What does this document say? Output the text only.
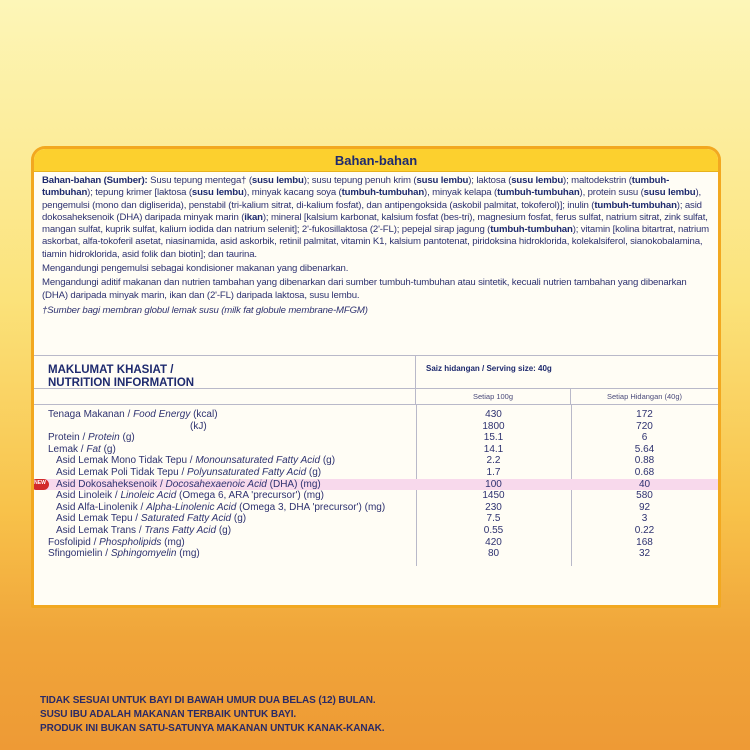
Bahan-bahan

Bahan-bahan (Sumber): Susu tepung mentega† (susu lembu); susu tepung penuh krim (susu lembu); laktosa (susu lembu); maltodekstrin (tumbuh-tumbuhan); tepung krimer [laktosa (susu lembu), minyak kacang soya (tumbuh-tumbuhan), minyak kelapa (tumbuh-tumbuhan), protein susu (susu lembu), pengemulsi (mono dan digliserida), penstabil (tri-kalium sitrat, di-kalium fosfat), dan antipengoksida (askobil palmitat, tokoferol)]; inulin (tumbuh-tumbuhan); asid dokosaheksenoik (DHA) daripada minyak marin (ikan); mineral [kalsium karbonat, kalsium fosfat (bes-tri), magnesium fosfat, ferus sulfat, natrium sitrat, zink sulfat, mangan sulfat, kuprik sulfat, kalium iodida dan natrium selenit]; 2'-fukosillaktosa (2'-FL); pepejal sirap jagung (tumbuh-tumbuhan); vitamin [kolina bitartrat, natrium askorbat, alfa-tokoferil asetat, niasinamida, asid askorbik, retinil palmitat, vitamin K1, kalsium pantotenat, piridoksina hidroklorida, kolekalsiferol, sianokobalamina, tiamin hidroklorida, asid folik dan biotin]; dan taurina.

Mengandungi pengemulsi sebagai kondisioner makanan yang dibenarkan.

Mengandungi aditif makanan dan nutrien tambahan yang dibenarkan dari sumber tumbuh-tumbuhan atau sintetik, kecuali nutrien tambahan yang dibenarkan (DHA) daripada minyak marin, ikan dan (2'-FL) daripada laktosa, susu lembu.

†Sumber bagi membran globul lemak susu (milk fat globule membrane-MFGM)

MAKLUMAT KHASIAT /
NUTRITION INFORMATION
Saiz hidangan / Serving size: 40g
Setiap 100g	Setiap Hidangan (40g)
Tenaga Makanan / Food Energy (kcal)	430	172
(kJ)	1800	720
Protein / Protein (g)	15.1	6
Lemak / Fat (g)	14.1	5.64
Asid Lemak Mono Tidak Tepu / Monounsaturated Fatty Acid (g)	2.2	0.88
Asid Lemak Poli Tidak Tepu / Polyunsaturated Fatty Acid (g)	1.7	0.68
NEW	Asid Dokosaheksenoik / Docosahexaenoic Acid (DHA) (mg)	100	40
Asid Linoleik / Linoleic Acid (Omega 6, ARA 'precursor') (mg)	1450	580
Asid Alfa-Linolenik / Alpha-Linolenic Acid (Omega 3, DHA 'precursor') (mg)	230	92
Asid Lemak Tepu / Saturated Fatty Acid (g)	7.5	3
Asid Lemak Trans / Trans Fatty Acid (g)	0.55	0.22
Fosfolipid / Phospholipids (mg)	420	168
Sfingomielin / Sphingomyelin (mg)	80	32
TIDAK SESUAI UNTUK BAYI DI BAWAH UMUR DUA BELAS (12) BULAN.
SUSU IBU ADALAH MAKANAN TERBAIK UNTUK BAYI.
PRODUK INI BUKAN SATU-SATUNYA MAKANAN UNTUK KANAK-KANAK.
